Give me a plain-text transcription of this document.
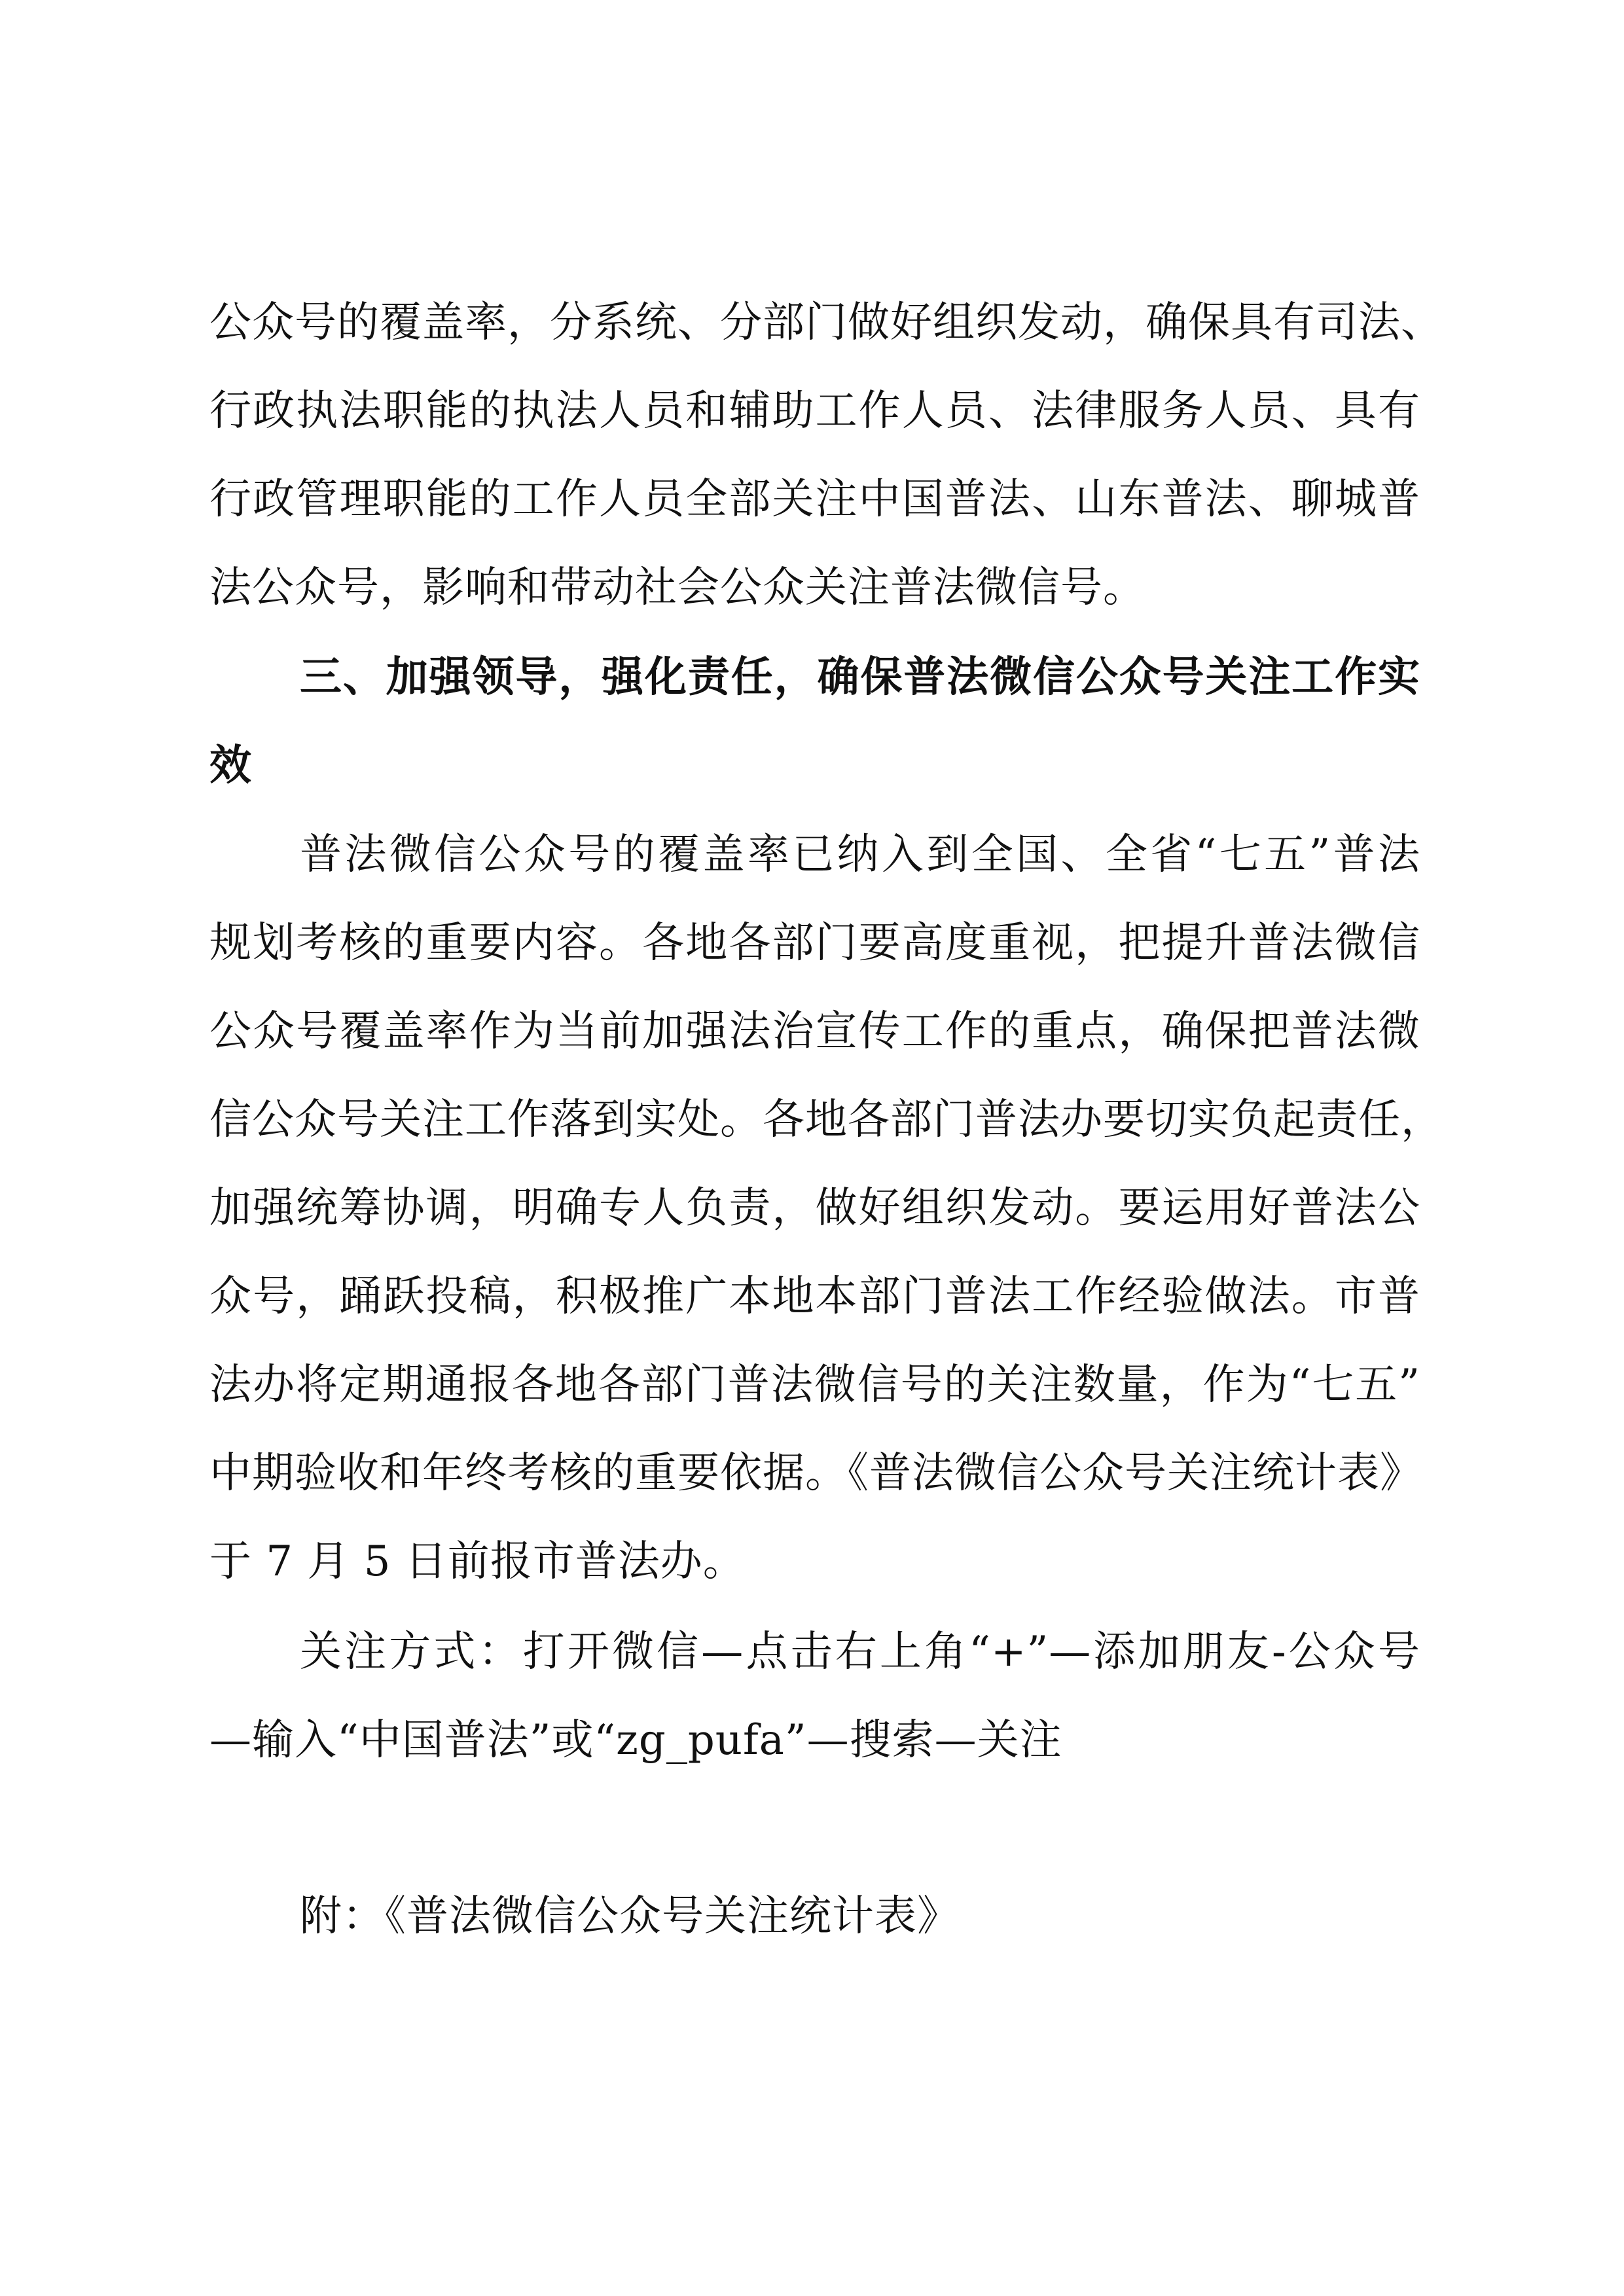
公众号的覆盖率，分系统、分部门做好组织发动，确保具有司法、
行政执法职能的执法人员和辅助工作人员、法律服务人员、具有
行政管理职能的工作人员全部关注中国普法、山东普法、聊城普
法公众号，影响和带动社会公众关注普法微信号。
三、加强领导，强化责任，确保普法微信公众号关注工作实
效
普法微信公众号的覆盖率已纳入到全国、全省“七五”普法
规划考核的重要内容。各地各部门要高度重视，把提升普法微信
公众号覆盖率作为当前加强法治宣传工作的重点，确保把普法微
信公众号关注工作落到实处。各地各部门普法办要切实负起责任，
加强统筹协调，明确专人负责，做好组织发动。要运用好普法公
众号，踊跃投稿，积极推广本地本部门普法工作经验做法。市普
法办将定期通报各地各部门普法微信号的关注数量，作为“七五”
中期验收和年终考核的重要依据。《普法微信公众号关注统计表》
于 7 月 5 日前报市普法办。
关注方式：打开微信—点击右上角“+”—添加朋友-公众号
—输入“中国普法”或“zg_pufa”—搜索—关注
附：《普法微信公众号关注统计表》
